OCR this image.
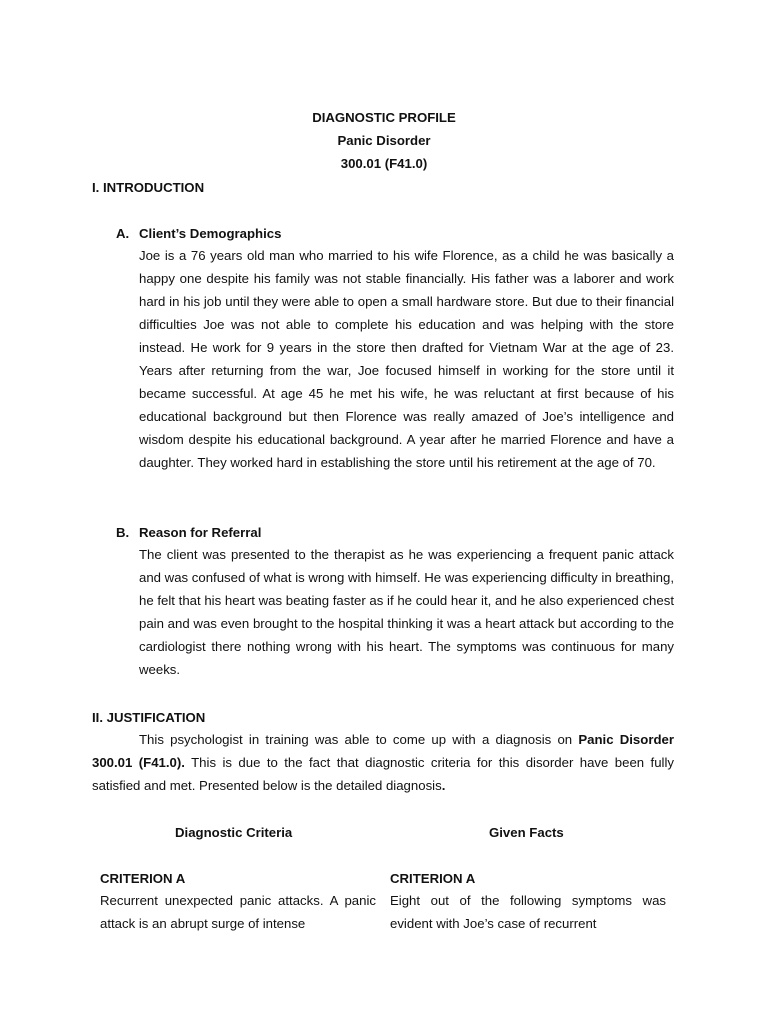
DIAGNOSTIC PROFILE
Panic Disorder
300.01 (F41.0)
I. INTRODUCTION
A. Client’s Demographics

Joe is a 76 years old man who married to his wife Florence, as a child he was basically a happy one despite his family was not stable financially. His father was a laborer and work hard in his job until they were able to open a small hardware store. But due to their financial difficulties Joe was not able to complete his education and was helping with the store instead. He work for 9 years in the store then drafted for Vietnam War at the age of 23. Years after returning from the war, Joe focused himself in working for the store until it became successful. At age 45 he met his wife, he was reluctant at first because of his educational background but then Florence was really amazed of Joe’s intelligence and wisdom despite his educational background. A year after he married Florence and have a daughter. They worked hard in establishing the store until his retirement at the age of 70.

B. Reason for Referral

The client was presented to the therapist as he was experiencing a frequent panic attack and was confused of what is wrong with himself. He was experiencing difficulty in breathing, he felt that his heart was beating faster as if he could hear it, and he also experienced chest pain and was even brought to the hospital thinking it was a heart attack but according to the cardiologist there nothing wrong with his heart. The symptoms was continuous for many weeks.

II. JUSTIFICATION

This psychologist in training was able to come up with a diagnosis on Panic Disorder 300.01 (F41.0). This is due to the fact that diagnostic criteria for this disorder have been fully satisfied and met. Presented below is the detailed diagnosis.

Diagnostic Criteria	Given Facts
CRITERION A	CRITERION A

Recurrent unexpected panic attacks. A panic attack is an abrupt surge of intense

Eight out of the following symptoms was evident with Joe’s case of recurrent
